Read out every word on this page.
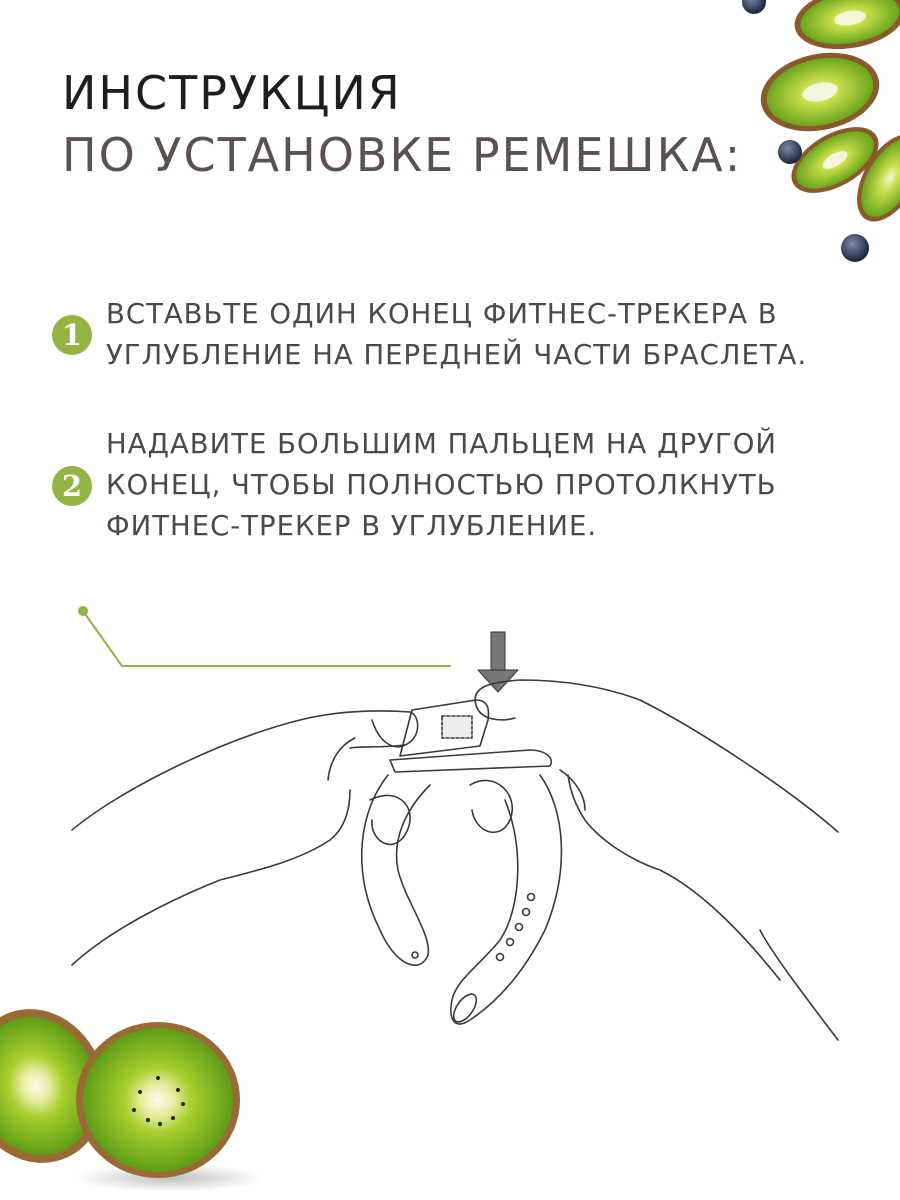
ИНСТРУКЦИЯ
ПО УСТАНОВКЕ РЕМЕШКА:
1
ВСТАВЬТЕ ОДИН КОНЕЦ ФИТНЕС-ТРЕКЕРА В
УГЛУБЛЕНИЕ НА ПЕРЕДНЕЙ ЧАСТИ БРАСЛЕТА.
2
НАДАВИТЕ БОЛЬШИМ ПАЛЬЦЕМ НА ДРУГОЙ
КОНЕЦ, ЧТОБЫ ПОЛНОСТЬЮ ПРОТОЛКНУТЬ
ФИТНЕС-ТРЕКЕР В УГЛУБЛЕНИЕ.
